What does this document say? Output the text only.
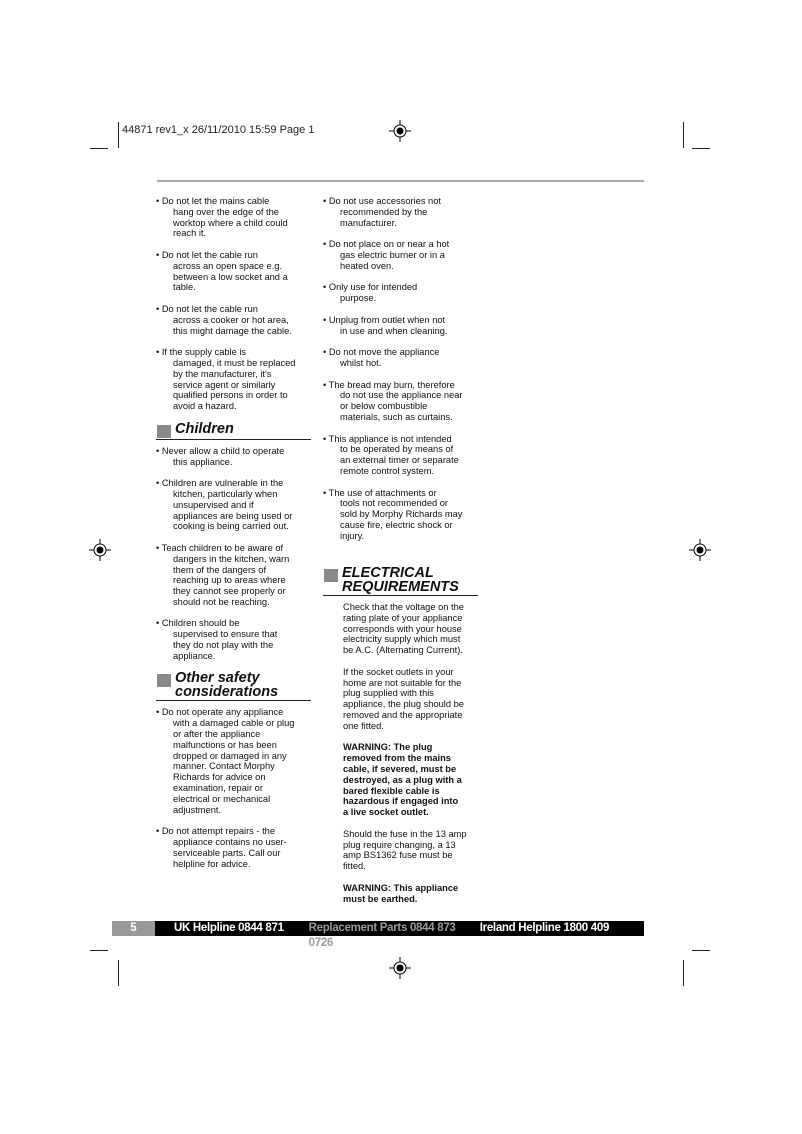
44871 rev1_x 26/11/2010 15:59 Page 1
• Do not let the mains cable
hang over the edge of the
worktop where a child could
reach it.
• Do not let the cable run
across an open space e.g.
between a low socket and a
table.
• Do not let the cable run
across a cooker or hot area,
this might damage the cable.
• If the supply cable is
damaged, it must be replaced
by the manufacturer, it's
service agent or similarly
qualified persons in order to
avoid a hazard.
Children
• Never allow a child to operate
this appliance.
• Children are vulnerable in the
kitchen, particularly when
unsupervised and if
appliances are being used or
cooking is being carried out.
• Teach children to be aware of
dangers in the kitchen, warn
them of the dangers of
reaching up to areas where
they cannot see properly or
should not be reaching.
• Children should be
supervised to ensure that
they do not play with the
appliance.
Other safety
considerations
• Do not operate any appliance
with a damaged cable or plug
or after the appliance
malfunctions or has been
dropped or damaged in any
manner. Contact Morphy
Richards for advice on
examination, repair or
electrical or mechanical
adjustment.
• Do not attempt repairs - the
appliance contains no user-
serviceable parts. Call our
helpline for advice.
• Do not use accessories not
recommended by the
manufacturer.
• Do not place on or near a hot
gas electric burner or in a
heated oven.
• Only use for intended
purpose.
• Unplug from outlet when not
in use and when cleaning.
• Do not move the appliance
whilst hot.
• The bread may burn, therefore
do not use the appliance near
or below combustible
materials, such as curtains.
• This appliance is not intended
to be operated by means of
an external timer or separate
remote control system.
• The use of attachments or
tools not recommended or
sold by Morphy Richards may
cause fire, electric shock or
injury.
ELECTRICAL
REQUIREMENTS
Check that the voltage on the
rating plate of your appliance
corresponds with your house
electricity supply which must
be A.C. (Alternating Current).
If the socket outlets in your
home are not suitable for the
plug supplied with this
appliance, the plug should be
removed and the appropriate
one fitted.
WARNING: The plug
removed from the mains
cable, if severed, must be
destroyed, as a plug with a
bared flexible cable is
hazardous if engaged into
a live socket outlet.
Should the fuse in the 13 amp
plug require changing, a 13
amp BS1362 fuse must be
fitted.
WARNING: This appliance
must be earthed.
5	UK Helpline 0844 871 0960
Replacement Parts 0844 873 0726
Ireland Helpline 1800 409 119
